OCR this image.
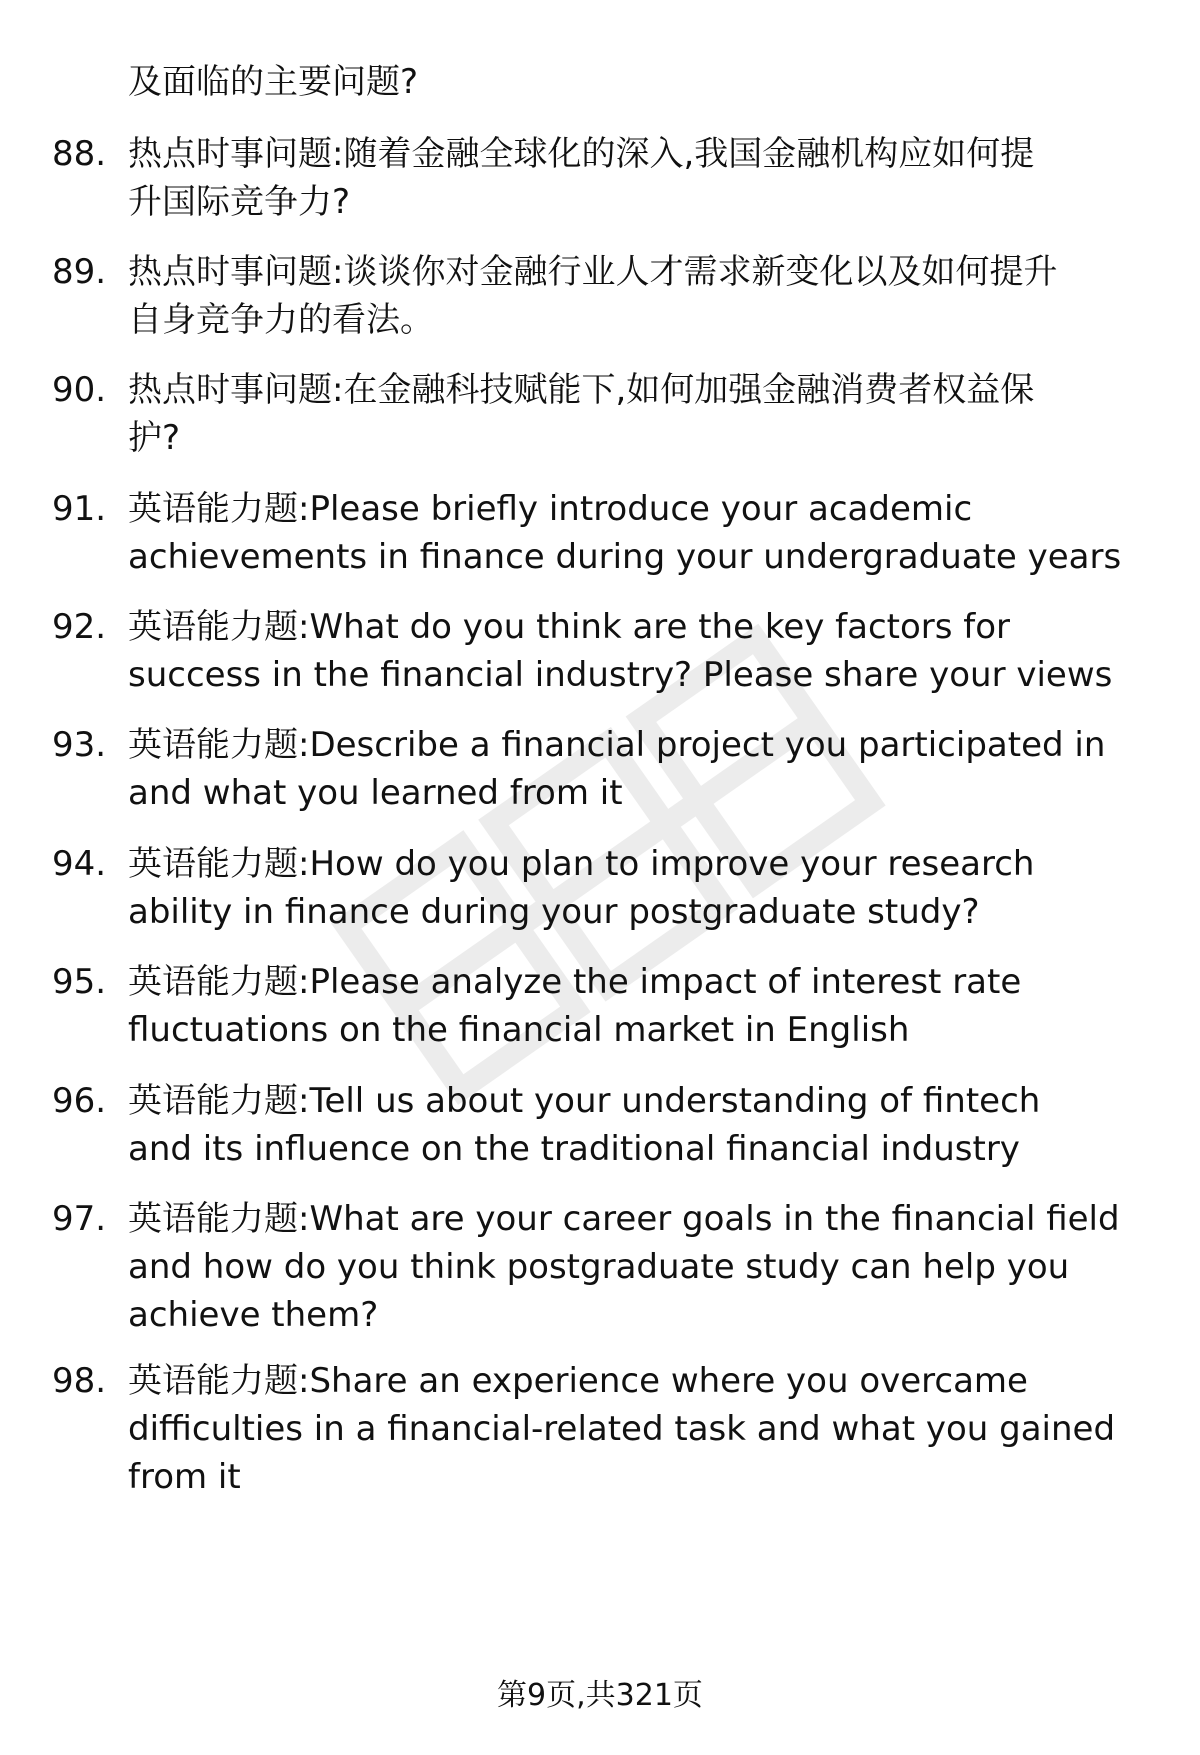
及面临的主要问题?
88. 热点时事问题:随着金融全球化的深入,我国金融机构应如何提
升国际竞争力?
89. 热点时事问题:谈谈你对金融行业人才需求新变化以及如何提升
自身竞争力的看法。
90. 热点时事问题:在金融科技赋能下,如何加强金融消费者权益保
护?
91. 英语能力题:Please briefly introduce your academic
achievements in finance during your undergraduate years
92. 英语能力题:What do you think are the key factors for
success in the financial industry? Please share your views
93. 英语能力题:Describe a financial project you participated in
and what you learned from it
94. 英语能力题:How do you plan to improve your research
ability in finance during your postgraduate study?
95. 英语能力题:Please analyze the impact of interest rate
fluctuations on the financial market in English
96. 英语能力题:Tell us about your understanding of fintech
and its influence on the traditional financial industry
97. 英语能力题:What are your career goals in the financial field
and how do you think postgraduate study can help you
achieve them?
98. 英语能力题:Share an experience where you overcame
difficulties in a financial-related task and what you gained
from it
第9页,共321页
